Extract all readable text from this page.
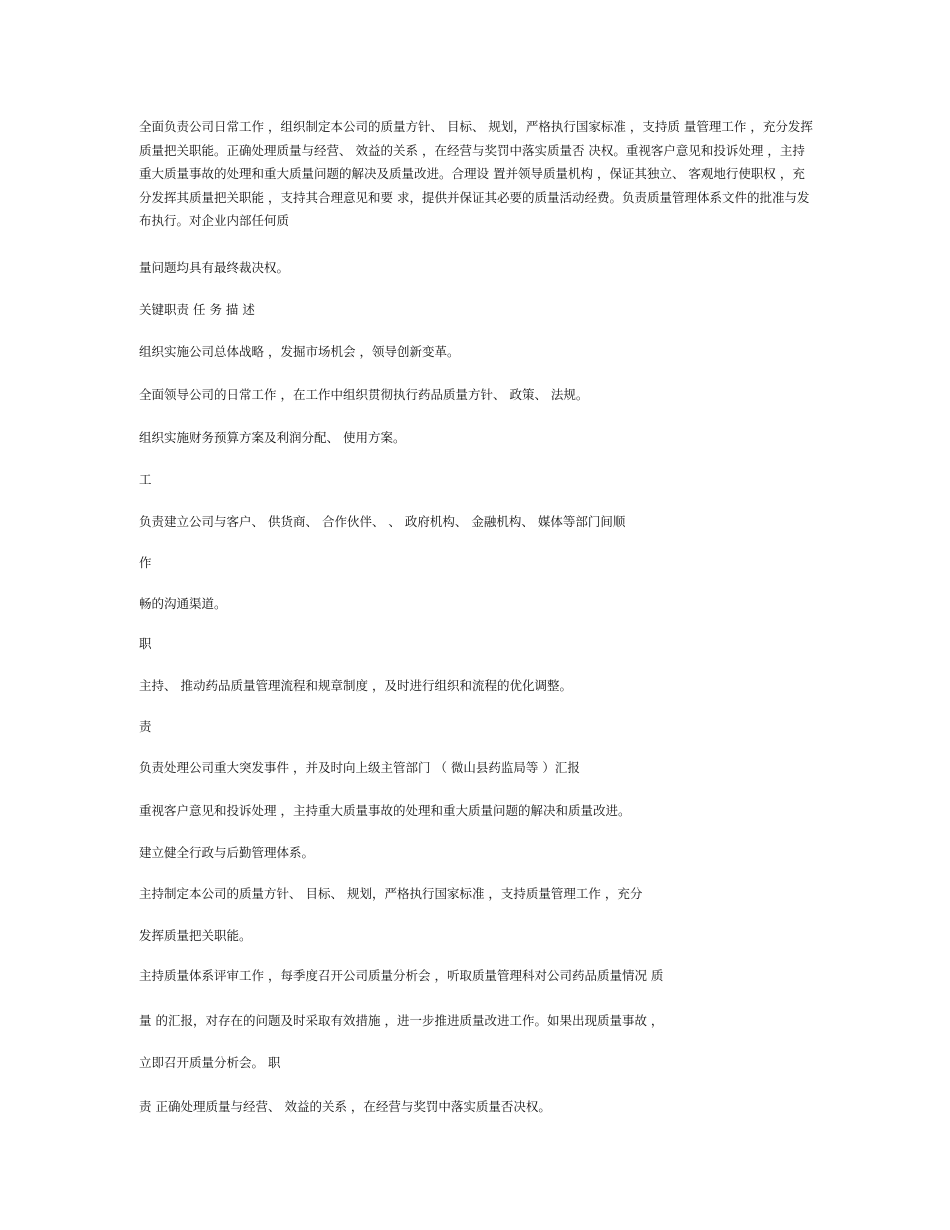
全面负责公司日常工作 ，组织制定本公司的质量方针、 目标、 规划，严格执行国家标准 ，支持质 量管理工作 ，充分发挥质量把关职能。正确处理质量与经营、 效益的关系 ，在经营与奖罚中落实质量否 决权。重视客户意见和投诉处理 ，主持重大质量事故的处理和重大质量问题的解决及质量改进。合理设 置并领导质量机构 ，保证其独立、 客观地行使职权 ，充分发挥其质量把关职能 ，支持其合理意见和要 求，提供并保证其必要的质量活动经费。负责质量管理体系文件的批准与发布执行。对企业内部任何质

量问题均具有最终裁决权。

关键职责 任 务 描 述

组织实施公司总体战略 ，发掘市场机会 ，领导创新变革。

全面领导公司的日常工作 ，在工作中组织贯彻执行药品质量方针、 政策、 法规。

组织实施财务预算方案及利润分配、 使用方案。

工

负责建立公司与客户、 供货商、 合作伙伴、 、 政府机构、 金融机构、 媒体等部门间顺

作

畅的沟通渠道。

职

主持、 推动药品质量管理流程和规章制度 ，及时进行组织和流程的优化调整。

责

负责处理公司重大突发事件 ，并及时向上级主管部门 （ 微山县药监局等 ）汇报

重视客户意见和投诉处理 ，主持重大质量事故的处理和重大质量问题的解决和质量改进。

建立健全行政与后勤管理体系。

主持制定本公司的质量方针、 目标、 规划，严格执行国家标准 ，支持质量管理工作 ，充分

发挥质量把关职能。

主持质量体系评审工作 ，每季度召开公司质量分析会 ，听取质量管理科对公司药品质量情况 质

量 的汇报，对存在的问题及时采取有效措施 ，进一步推进质量改进工作。如果出现质量事故 ，

立即召开质量分析会。 职

责 正确处理质量与经营、 效益的关系 ，在经营与奖罚中落实质量否决权。
